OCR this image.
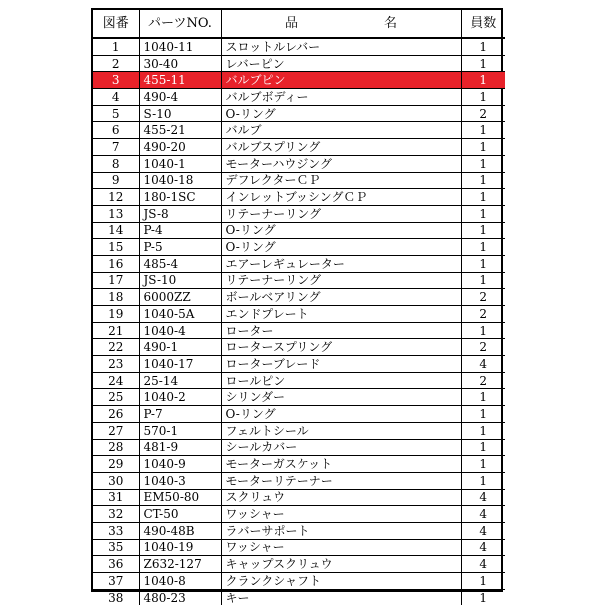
図番	パーツNO.	品 名	員数
1	1040-11	スロットルレバー	1
2	30-40	レバーピン	1
3	455-11	バルブピン	1
4	490-4	バルブボディー	1
5	S-10	O-リング	2
6	455-21	バルブ	1
7	490-20	バルブスプリング	1
8	1040-1	モーターハウジング	1
9	1040-18	デフレクターＣＰ	1
12	180-1SC	インレットブッシングＣＰ	1
13	JS-8	リテーナーリング	1
14	P-4	O-リング	1
15	P-5	O-リング	1
16	485-4	エアーレギュレーター	1
17	JS-10	リテーナーリング	1
18	6000ZZ	ボールベアリング	2
19	1040-5A	エンドプレート	2
21	1040-4	ローター	1
22	490-1	ロータースプリング	2
23	1040-17	ローターブレード	4
24	25-14	ロールピン	2
25	1040-2	シリンダー	1
26	P-7	O-リング	1
27	570-1	フェルトシール	1
28	481-9	シールカバー	1
29	1040-9	モーターガスケット	1
30	1040-3	モーターリテーナー	1
31	EM50-80	スクリュウ	4
32	CT-50	ワッシャー	4
33	490-48B	ラバーサポート	4
35	1040-19	ワッシャー	4
36	Z632-127	キャップスクリュウ	4
37	1040-8	クランクシャフト	1
38	480-23	キー	1
